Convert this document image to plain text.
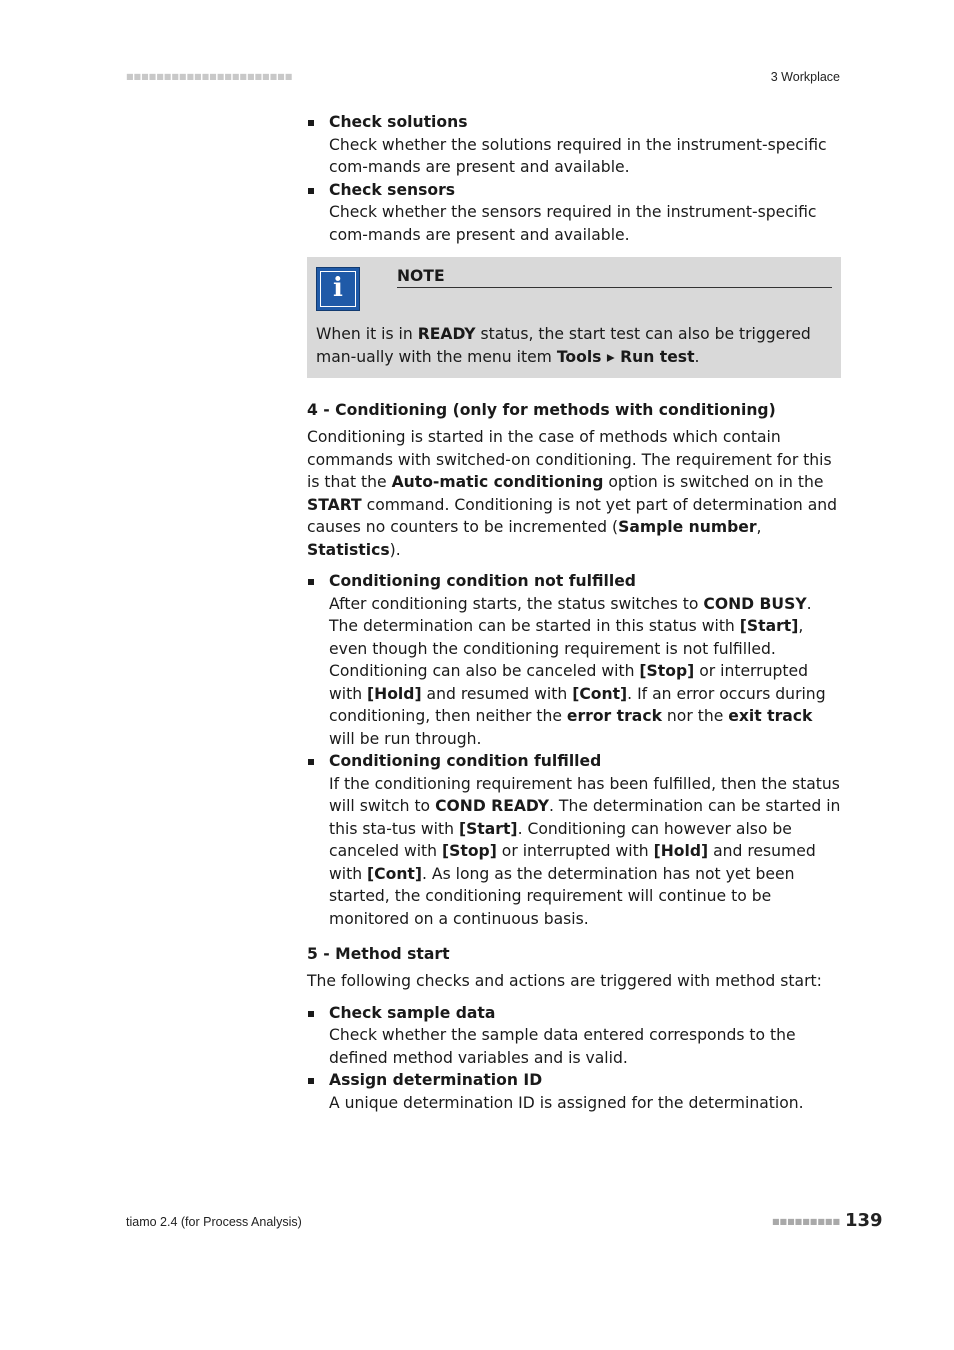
■■■■■■■■■■■■■■■■■■■■■■	3 Workplace
Check solutions
Check whether the solutions required in the instrument-specific com-mands are present and available.
Check sensors
Check whether the sensors required in the instrument-specific com-mands are present and available.
i	NOTE
When it is in READY status, the start test can also be triggered man-ually with the menu item Tools ▸ Run test.
4 - Conditioning (only for methods with conditioning)

Conditioning is started in the case of methods which contain commands with switched-on conditioning. The requirement for this is that the Auto-matic conditioning option is switched on in the START command. Conditioning is not yet part of determination and causes no counters to be incremented (Sample number, Statistics).

Conditioning condition not fulfilled
After conditioning starts, the status switches to COND BUSY. The determination can be started in this status with [Start], even though the conditioning requirement is not fulfilled. Conditioning can also be canceled with [Stop] or interrupted with [Hold] and resumed with [Cont]. If an error occurs during conditioning, then neither the error track nor the exit track will be run through.
Conditioning condition fulfilled
If the conditioning requirement has been fulfilled, then the status will switch to COND READY. The determination can be started in this sta-tus with [Start]. Conditioning can however also be canceled with [Stop] or interrupted with [Hold] and resumed with [Cont]. As long as the determination has not yet been started, the conditioning requirement will continue to be monitored on a continuous basis.
5 - Method start

The following checks and actions are triggered with method start:

Check sample data
Check whether the sample data entered corresponds to the defined method variables and is valid.
Assign determination ID
A unique determination ID is assigned for the determination.
tiamo 2.4 (for Process Analysis)	■■■■■■■■■ 139
